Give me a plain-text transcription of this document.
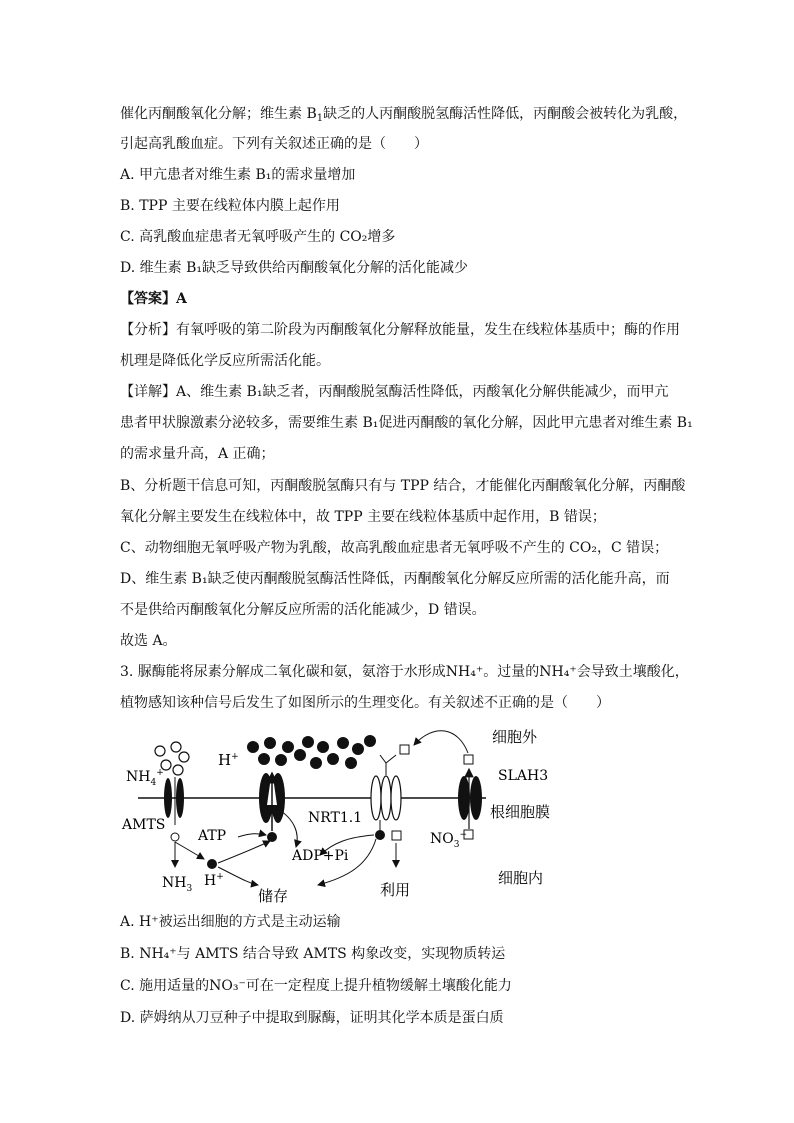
催化丙酮酸氧化分解；维生素 $B_1$缺乏的人丙酮酸脱氢酶活性降低，丙酮酸会被转化为乳酸，
引起高乳酸血症。下列有关叙述正确的是（　　）
A. 甲亢患者对维生素 B₁的需求量增加
B. TPP 主要在线粒体内膜上起作用
C. 高乳酸血症患者无氧呼吸产生的 CO₂增多
D. 维生素 B₁缺乏导致供给丙酮酸氧化分解的活化能减少
【答案】A
【分析】有氧呼吸的第二阶段为丙酮酸氧化分解释放能量，发生在线粒体基质中；酶的作用
机理是降低化学反应所需活化能。
【详解】A、维生素 B₁缺乏者，丙酮酸脱氢酶活性降低，丙酸氧化分解供能减少，而甲亢
患者甲状腺激素分泌较多，需要维生素 B₁促进丙酮酸的氧化分解，因此甲亢患者对维生素 B₁
的需求量升高，A 正确；
B、分析题干信息可知，丙酮酸脱氢酶只有与 TPP 结合，才能催化丙酮酸氧化分解，丙酮酸
氧化分解主要发生在线粒体中，故 TPP 主要在线粒体基质中起作用，B 错误；
C、动物细胞无氧呼吸产物为乳酸，故高乳酸血症患者无氧呼吸不产生的 CO₂，C 错误；
D、维生素 B₁缺乏使丙酮酸脱氢酶活性降低，丙酮酸氧化分解反应所需的活化能升高，而
不是供给丙酮酸氧化分解反应所需的活化能减少，D 错误。
故选 A。
3. 脲酶能将尿素分解成二氧化碳和氨，氨溶于水形成NH₄⁺。过量的NH₄⁺会导致土壤酸化，
植物感知该种信号后发生了如图所示的生理变化。有关叙述不正确的是（　　）
H+
$NH_4^+$
AMTS
ATP
ADP+Pi
NRT1.1
$NO_3^-$
$NH_3$ H+
储存	利用
细胞外
SLAH3
根细胞膜
细胞内
A. H⁺被运出细胞的方式是主动运输
B. NH₄⁺与 AMTS 结合导致 AMTS 构象改变，实现物质转运
C. 施用适量的NO₃⁻可在一定程度上提升植物缓解土壤酸化能力
D. 萨姆纳从刀豆种子中提取到脲酶，证明其化学本质是蛋白质
